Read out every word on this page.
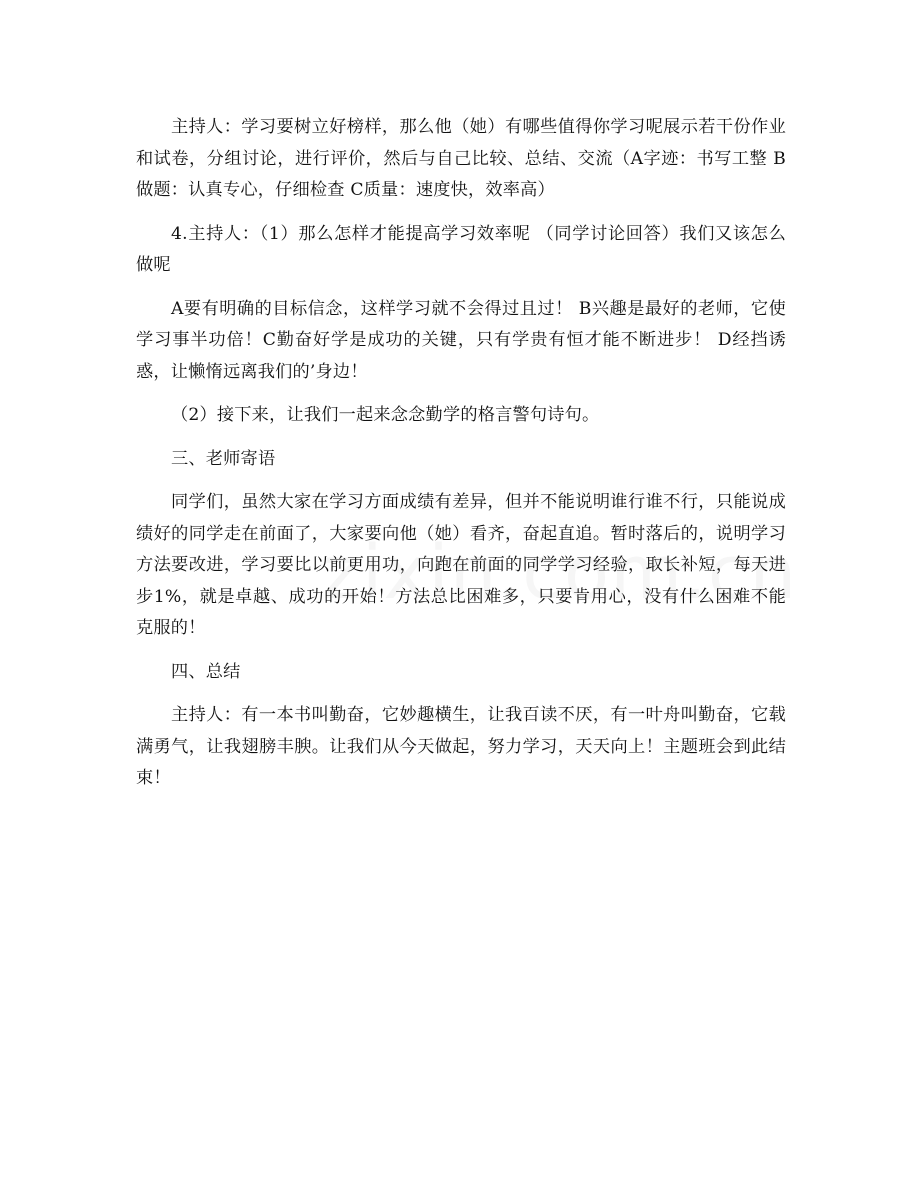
主持人：学习要树立好榜样，那么他（她）有哪些值得你学习呢展示若干份作业和试卷，分组讨论，进行评价，然后与自己比较、总结、交流（A字迹：书写工整 B做题：认真专心，仔细检查 C质量：速度快，效率高）

4.主持人：（1）那么怎样才能提高学习效率呢 （同学讨论回答）我们又该怎么做呢

A要有明确的目标信念，这样学习就不会得过且过！ B兴趣是最好的老师，它使学习事半功倍！C勤奋好学是成功的关键，只有学贵有恒才能不断进步！ D经挡诱惑，让懒惰远离我们的’身边！

（2）接下来，让我们一起来念念勤学的格言警句诗句。

三、老师寄语

同学们，虽然大家在学习方面成绩有差异，但并不能说明谁行谁不行，只能说成绩好的同学走在前面了，大家要向他（她）看齐，奋起直追。暂时落后的，说明学习方法要改进，学习要比以前更用功，向跑在前面的同学学习经验，取长补短，每天进步1%，就是卓越、成功的开始！方法总比困难多，只要肯用心，没有什么困难不能克服的！

四、总结

主持人：有一本书叫勤奋，它妙趣横生，让我百读不厌，有一叶舟叫勤奋，它载满勇气，让我翅膀丰腴。让我们从今天做起，努力学习，天天向上！主题班会到此结束！
